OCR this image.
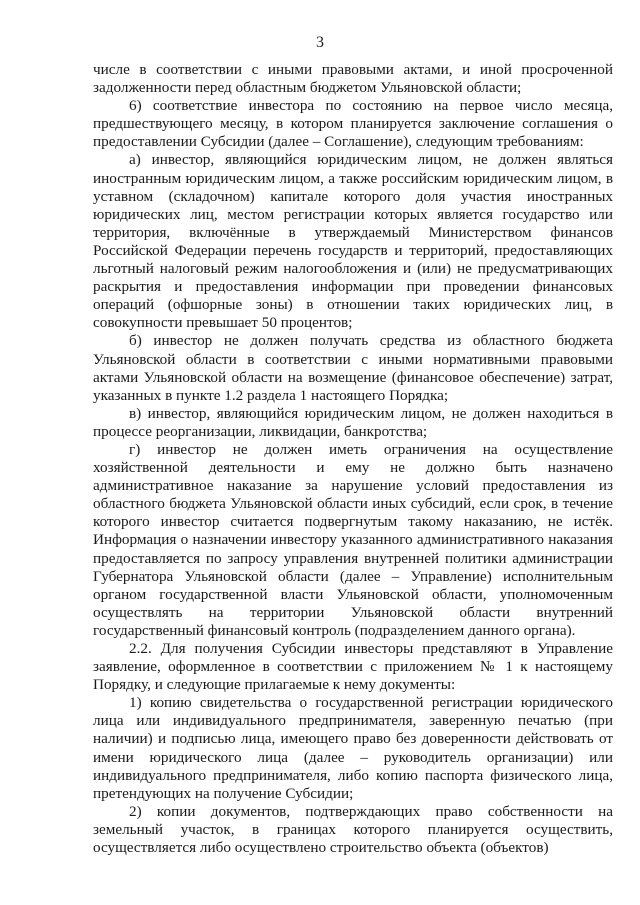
3

числе в соответствии с иными правовыми актами, и иной просроченной задолженности перед областным бюджетом Ульяновской области;

6) соответствие инвестора по состоянию на первое число месяца, предшествующего месяцу, в котором планируется заключение соглашения о предоставлении Субсидии (далее – Соглашение), следующим требованиям:

а) инвестор, являющийся юридическим лицом, не должен являться иностранным юридическим лицом, а также российским юридическим лицом, в уставном (складочном) капитале которого доля участия иностранных юридических лиц, местом регистрации которых является государство или территория, включённые в утверждаемый Министерством финансов Российской Федерации перечень государств и территорий, предоставляющих льготный налоговый режим налогообложения и (или) не предусматривающих раскрытия и предоставления информации при проведении финансовых операций (офшорные зоны) в отношении таких юридических лиц, в совокупности превышает 50 процентов;

б) инвестор не должен получать средства из областного бюджета Ульяновской области в соответствии с иными нормативными правовыми актами Ульяновской области на возмещение (финансовое обеспечение) затрат, указанных в пункте 1.2 раздела 1 настоящего Порядка;

в) инвестор, являющийся юридическим лицом, не должен находиться в процессе реорганизации, ликвидации, банкротства;

г) инвестор не должен иметь ограничения на осуществление хозяйственной деятельности и ему не должно быть назначено административное наказание за нарушение условий предоставления из областного бюджета Ульяновской области иных субсидий, если срок, в течение которого инвестор считается подвергнутым такому наказанию, не истёк. Информация о назначении инвестору указанного административного наказания предоставляется по запросу управления внутренней политики администрации Губернатора Ульяновской области (далее – Управление) исполнительным органом государственной власти Ульяновской области, уполномоченным осуществлять на территории Ульяновской области внутренний государственный финансовый контроль (подразделением данного органа).

2.2. Для получения Субсидии инвесторы представляют в Управление заявление, оформленное в соответствии с приложением № 1 к настоящему Порядку, и следующие прилагаемые к нему документы:

1) копию свидетельства о государственной регистрации юридического лица или индивидуального предпринимателя, заверенную печатью (при наличии) и подписью лица, имеющего право без доверенности действовать от имени юридического лица (далее – руководитель организации) или индивидуального предпринимателя, либо копию паспорта физического лица, претендующих на получение Субсидии;

2) копии документов, подтверждающих право собственности на земельный участок, в границах которого планируется осуществить, осуществляется либо осуществлено строительство объекта (объектов)
